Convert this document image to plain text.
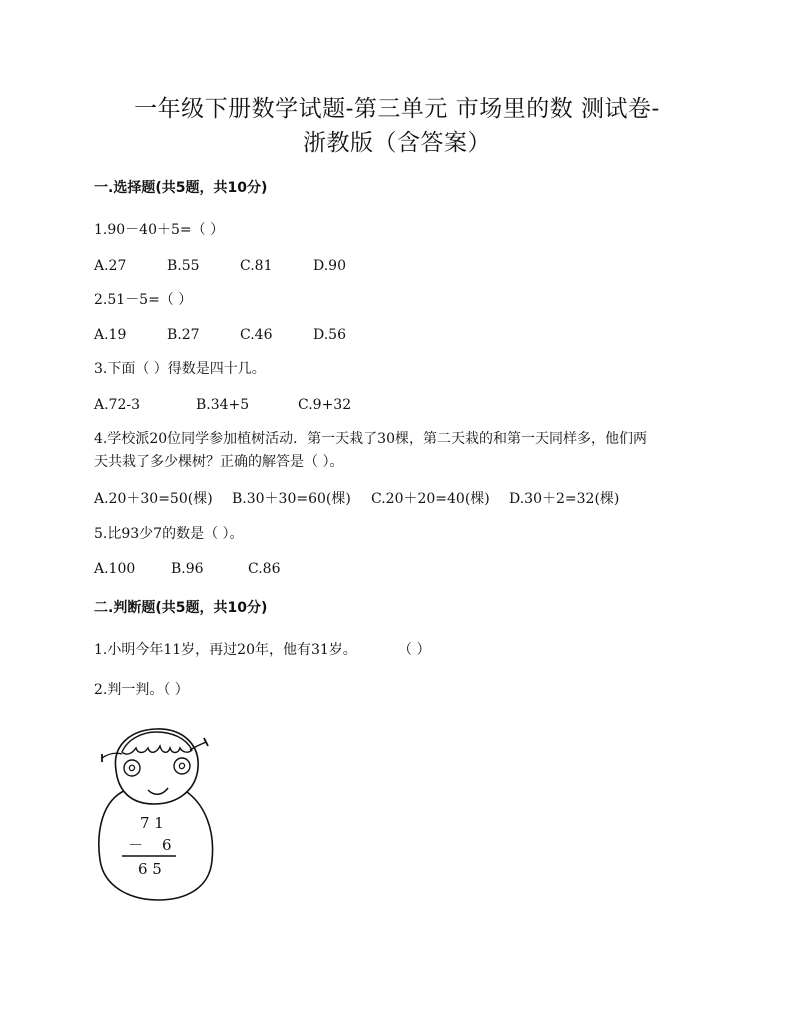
一年级下册数学试题-第三单元 市场里的数 测试卷-
浙教版（含答案）
一.选择题(共5题，共10分)
1.90－40＋5=（ ）
A.27	B.55	C.81	D.90
2.51－5=（ ）
A.19	B.27	C.46	D.56
3.下面（ ）得数是四十几。
A.72-3	B.34+5	C.9+32
4.学校派20位同学参加植树活动．第一天栽了30棵，第二天栽的和第一天同样多，他们两
天共栽了多少棵树？正确的解答是（ ）。
A.20＋30=50(棵) B.30＋30=60(棵) C.20＋20=40(棵) D.30＋2=32(棵)
5.比93少7的数是（ ）。
A.100	B.96	C.86
二.判断题(共5题，共10分)
1.小明今年11岁，再过20年，他有31岁。	（ ）
2.判一判。（ ）
7 1
－ 6
6 5
